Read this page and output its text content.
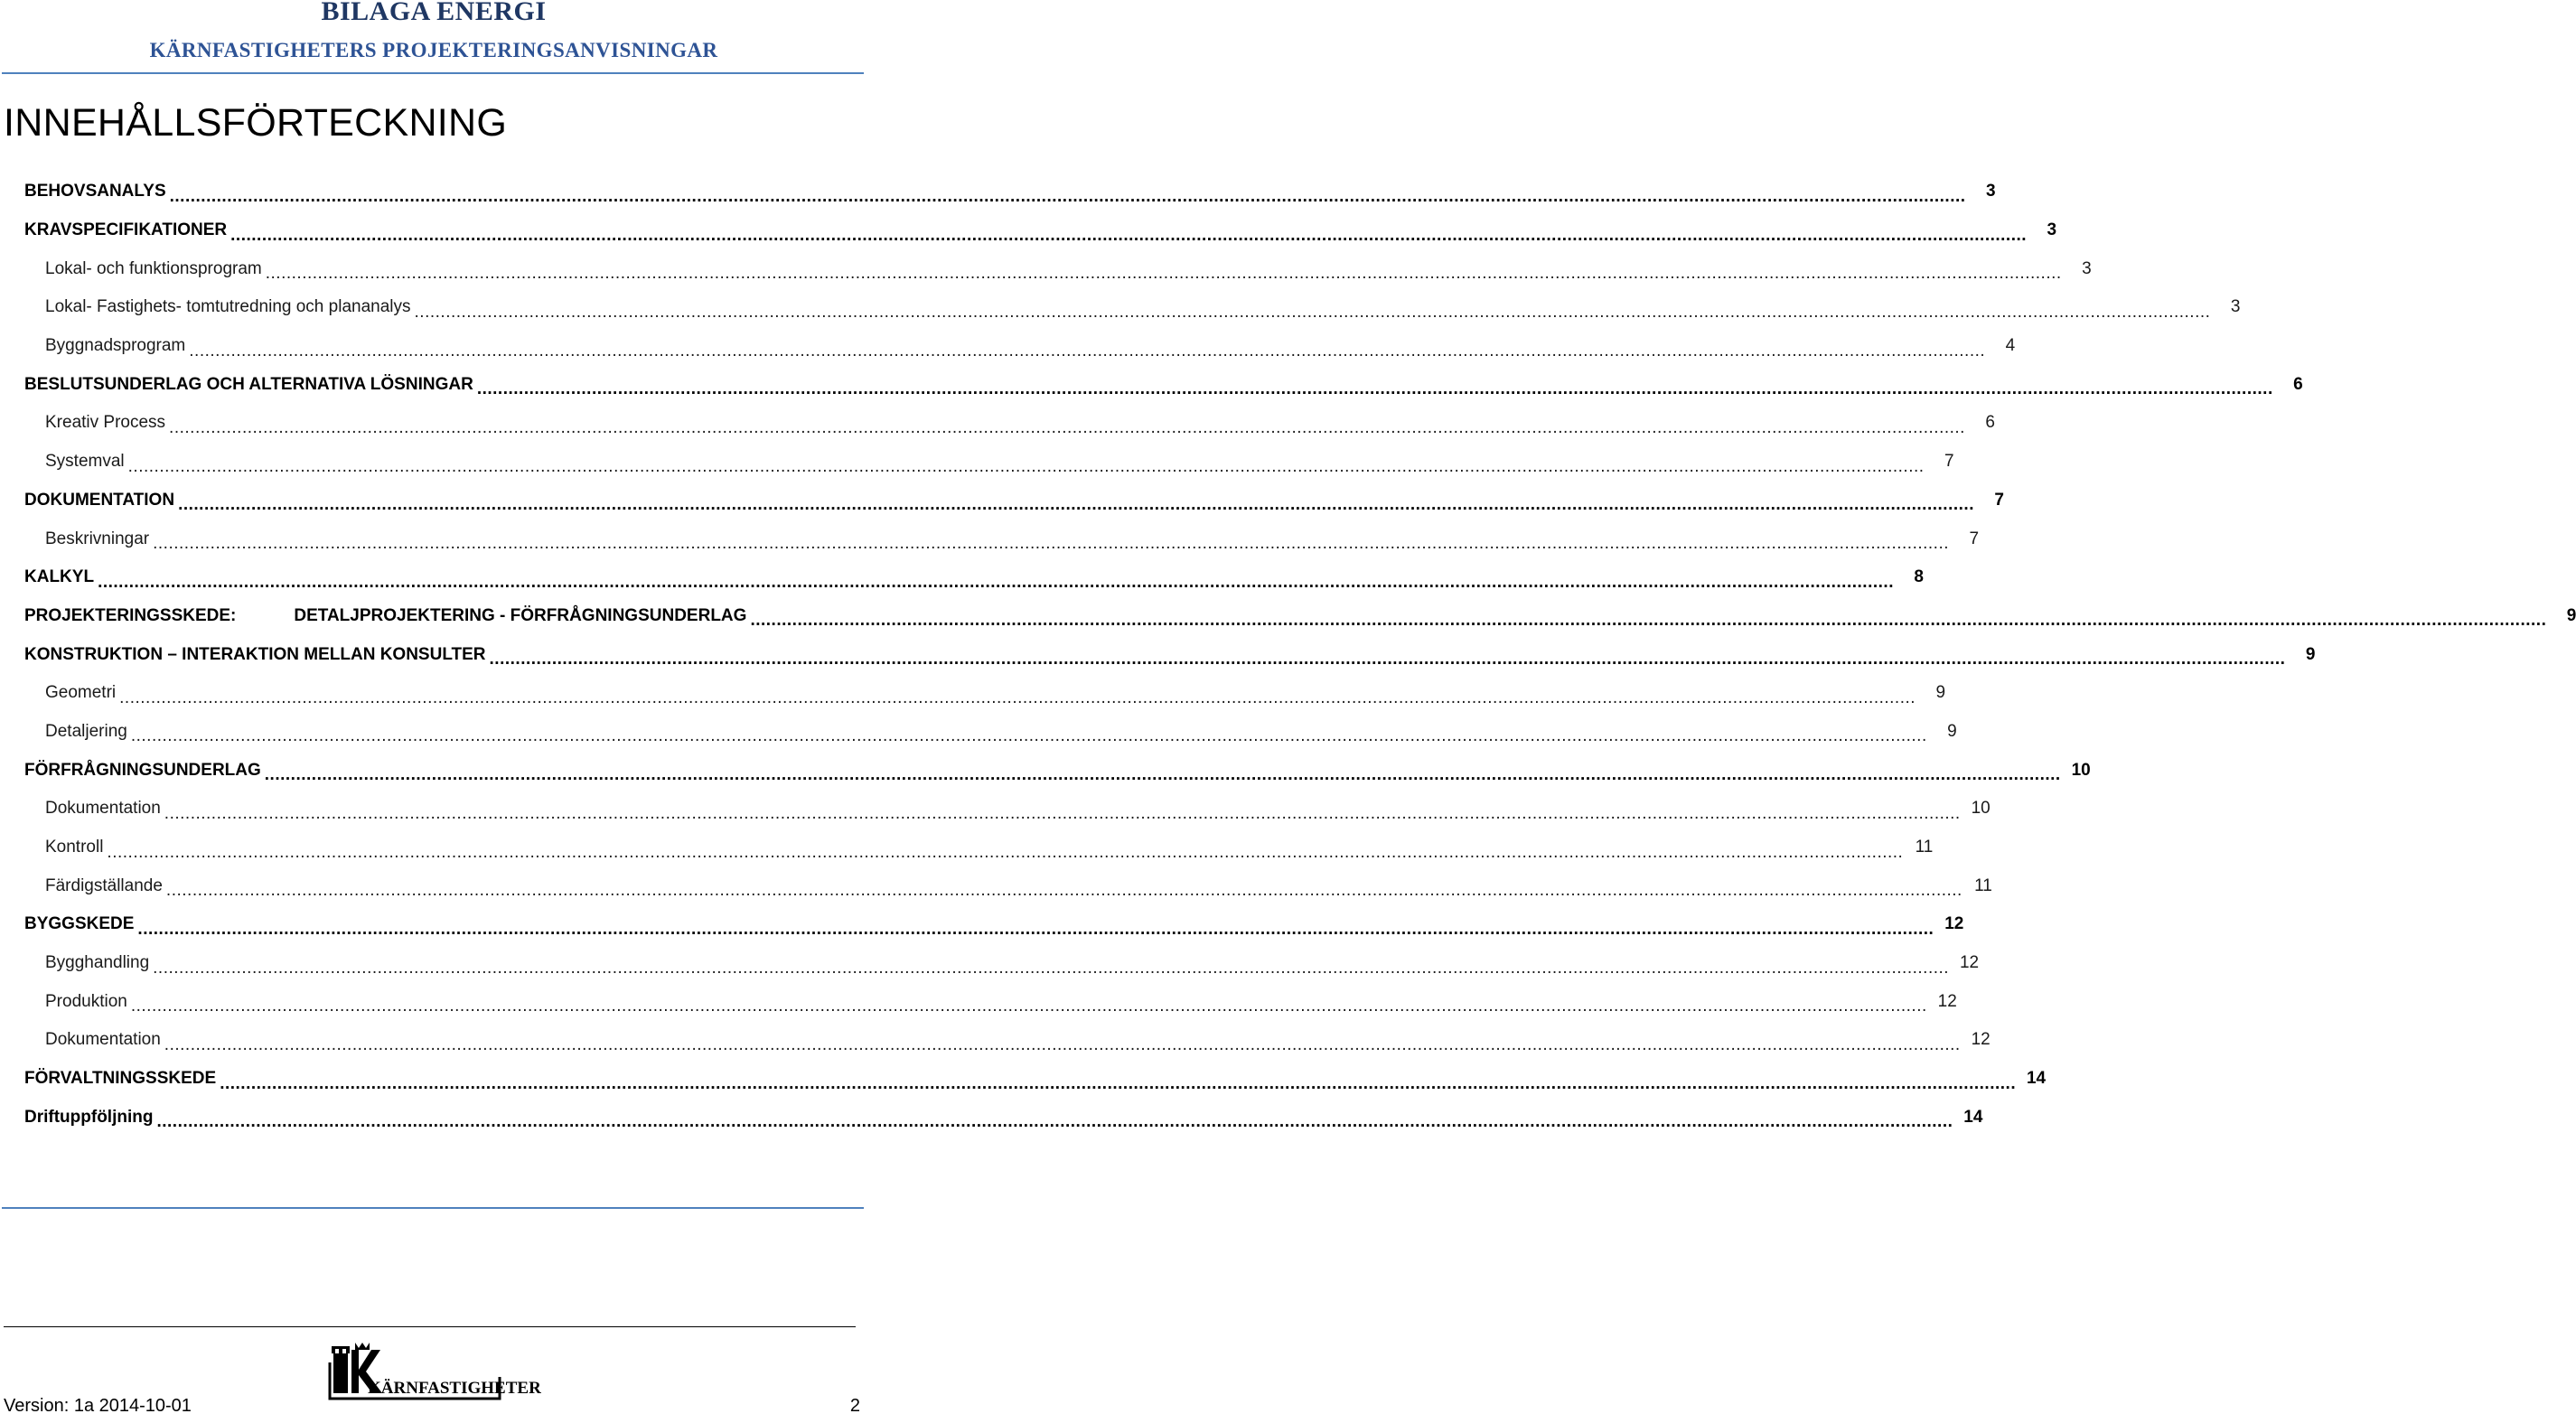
BILAGA ENERGI
KÄRNFASTIGHETERS PROJEKTERINGSANVISNINGAR
INNEHÅLLSFÖRTECKNING
BEHOVSANALYS .....	3
KRAVSPECIFIKATIONER .....	3
Lokal- och funktionsprogram .....	3
Lokal- Fastighets- tomtutredning och plananalys .....	3
Byggnadsprogram .....	4
BESLUTSUNDERLAG OCH ALTERNATIVA LÖSNINGAR .....	6
Kreativ Process .....	6
Systemval .....	7
DOKUMENTATION .....	7
Beskrivningar .....	7
KALKYL .....	8
PROJEKTERINGSSKEDE:	DETALJPROJEKTERING - FÖRFRÅGNINGSUNDERLAG .....	9
KONSTRUKTION – INTERAKTION MELLAN KONSULTER .....	9
Geometri .....	9
Detaljering .....	9
FÖRFRÅGNINGSUNDERLAG .....	10
Dokumentation .....	10
Kontroll .....	11
Färdigställande .....	11
BYGGSKEDE .....	12
Bygghandling .....	12
Produktion .....	12
Dokumentation .....	12
FÖRVALTNINGSSKEDE .....	14
Driftuppföljning .....	14
KÄRNFASTIGHETER
Version: 1a 2014-10-01	2
